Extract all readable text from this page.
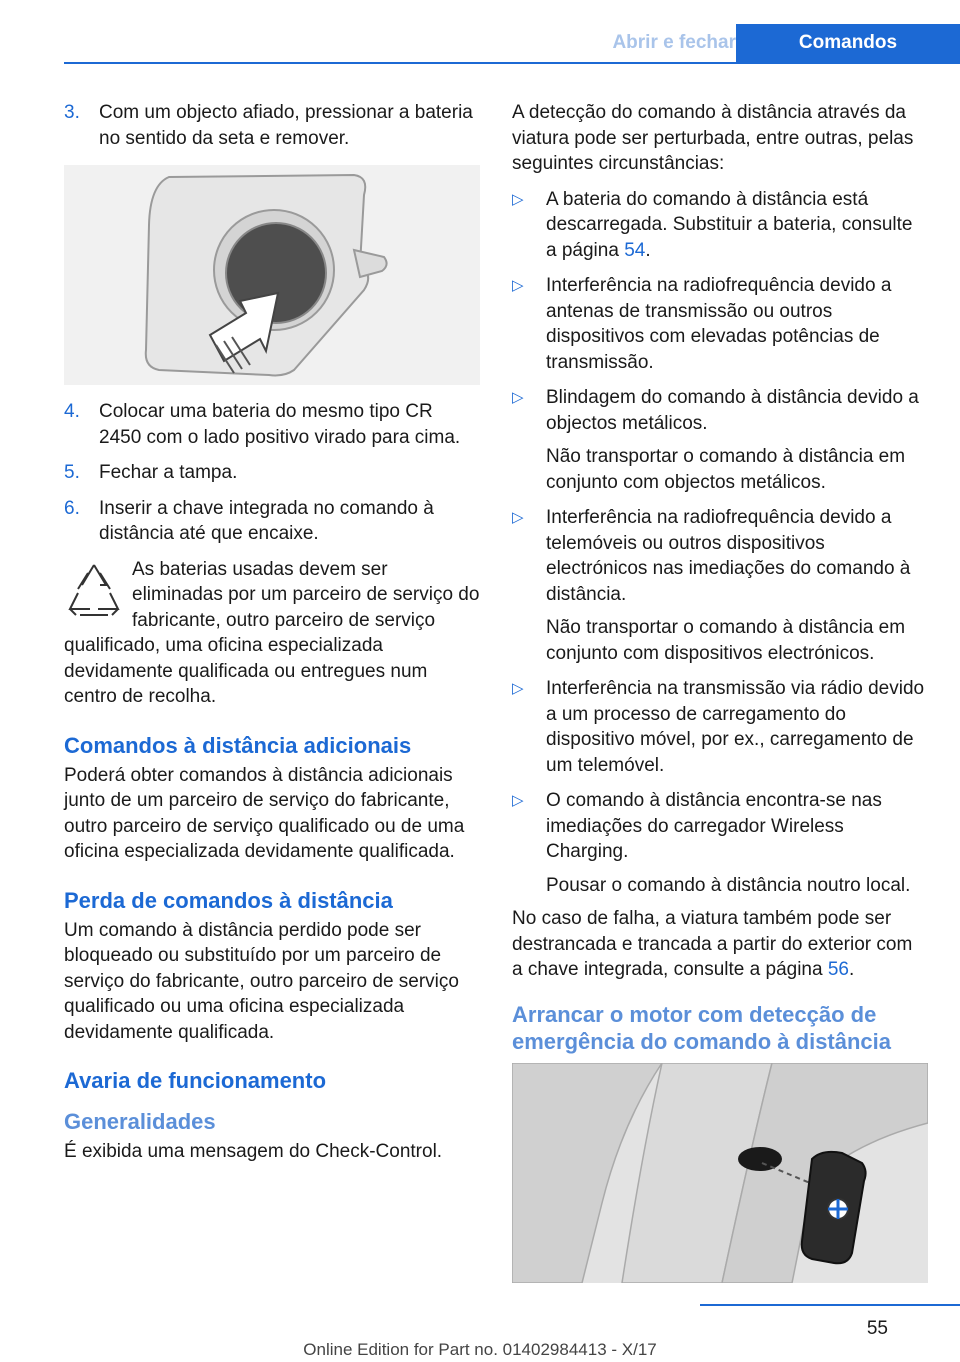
Abrir e fechar	Comandos
3. Com um objecto afiado, pressionar a bateria no sentido da seta e remover.
4. Colocar uma bateria do mesmo tipo CR 2450 com o lado positivo virado para cima.
5. Fechar a tampa.
6. Inserir a chave integrada no comando à distância até que encaixe.

As baterias usadas devem ser eliminadas por um parceiro de serviço do fabricante, outro parceiro de serviço qualificado, uma oficina especializada devidamente qualificada ou entregues num centro de recolha.

Comandos à distância adicionais

Poderá obter comandos à distância adicionais junto de um parceiro de serviço do fabricante, outro parceiro de serviço qualificado ou de uma oficina especializada devidamente qualificada.

Perda de comandos à distância

Um comando à distância perdido pode ser bloqueado ou substituído por um parceiro de serviço do fabricante, outro parceiro de serviço qualificado ou uma oficina especializada devidamente qualificada.

Avaria de funcionamento
Generalidades

É exibida uma mensagem do Check-Control.

A detecção do comando à distância através da viatura pode ser perturbada, entre outras, pelas seguintes circunstâncias:

▷ A bateria do comando à distância está descarregada. Substituir a bateria, consulte a página 54.
▷ Interferência na radiofrequência devido a antenas de transmissão ou outros dispositivos com elevadas potências de transmissão.
▷ Blindagem do comando à distância devido a objectos metálicos.
Não transportar o comando à distância em conjunto com objectos metálicos.
▷ Interferência na radiofrequência devido a telemóveis ou outros dispositivos electrónicos nas imediações do comando à distância.
Não transportar o comando à distância em conjunto com dispositivos electrónicos.
▷ Interferência na transmissão via rádio devido a um processo de carregamento do dispositivo móvel, por ex., carregamento de um telemóvel.
▷ O comando à distância encontra-se nas imediações do carregador Wireless Charging.
Pousar o comando à distância noutro local.

No caso de falha, a viatura também pode ser destrancada e trancada a partir do exterior com a chave integrada, consulte a página 56.

Arrancar o motor com detecção de emergência do comando à distância
55
Online Edition for Part no. 01402984413 - X/17
